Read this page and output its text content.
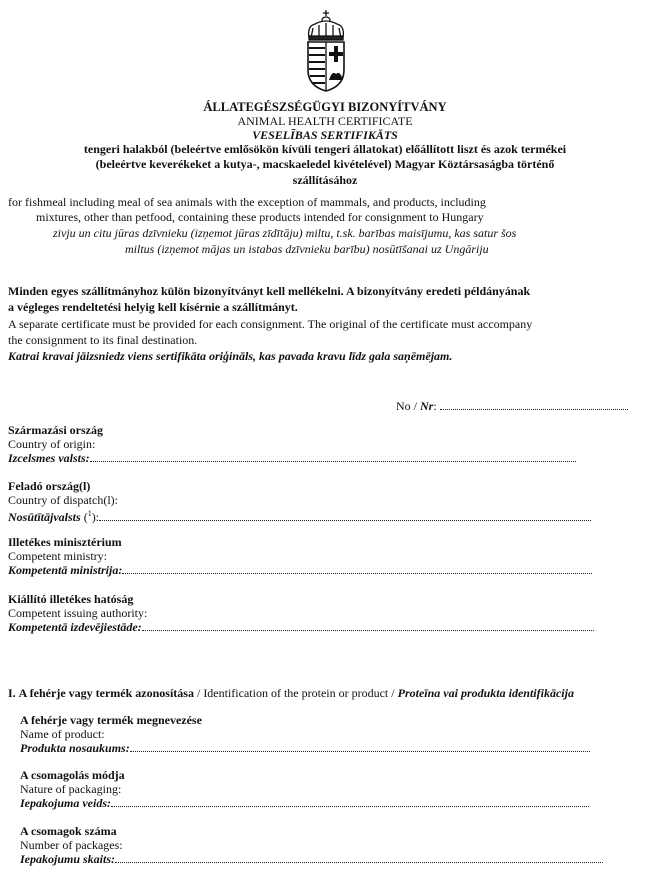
ÁLLATEGÉSZSÉGÜGYI BIZONYÍTVÁNY
ANIMAL HEALTH CERTIFICATE
VESELĪBAS SERTIFIKĀTS
tengeri halakból (beleértve emlősökön kívüli tengeri állatokat) előállított liszt és azok termékei
(beleértve keverékeket a kutya-, macskaeledel kivételével) Magyar Köztársaságba történő
szállításához
for fishmeal including meal of sea animals with the exception of mammals, and products, including
mixtures, other than petfood, containing these products intended for consignment to Hungary
zivju un citu jūras dzīvnieku (izņemot jūras zīdītāju) miltu, t.sk. barības maisījumu, kas satur šos
miltus (izņemot mājas un istabas dzīvnieku barību) nosūtīšanai uz Ungāriju
Minden egyes szállítmányhoz külön bizonyítványt kell mellékelni. A bizonyítvány eredeti példányának
a végleges rendeltetési helyig kell kísérnie a szállítmányt.
A separate certificate must be provided for each consignment. The original of the certificate must accompany
the consignment to its final destination.
Katrai kravai jāizsniedz viens sertifikāta oriģināls, kas pavada kravu līdz gala saņēmējam.
No / Nr:
Származási ország
Country of origin:
Izcelsmes valsts:
Feladó ország(l)
Country of dispatch(l):
Nosūtītājvalsts ($^1$):
Illetékes minisztérium
Competent ministry:
Kompetentā ministrija:
Kiállító illetékes hatóság
Competent issuing authority:
Kompetentā izdevējiestāde:
I. A fehérje vagy termék azonosítása / Identification of the protein or product / Proteīna vai produkta identifikācija
A fehérje vagy termék megnevezése
Name of product:
Produkta nosaukums:
A csomagolás módja
Nature of packaging:
Iepakojuma veids:
A csomagok száma
Number of packages:
Iepakojumu skaits:
